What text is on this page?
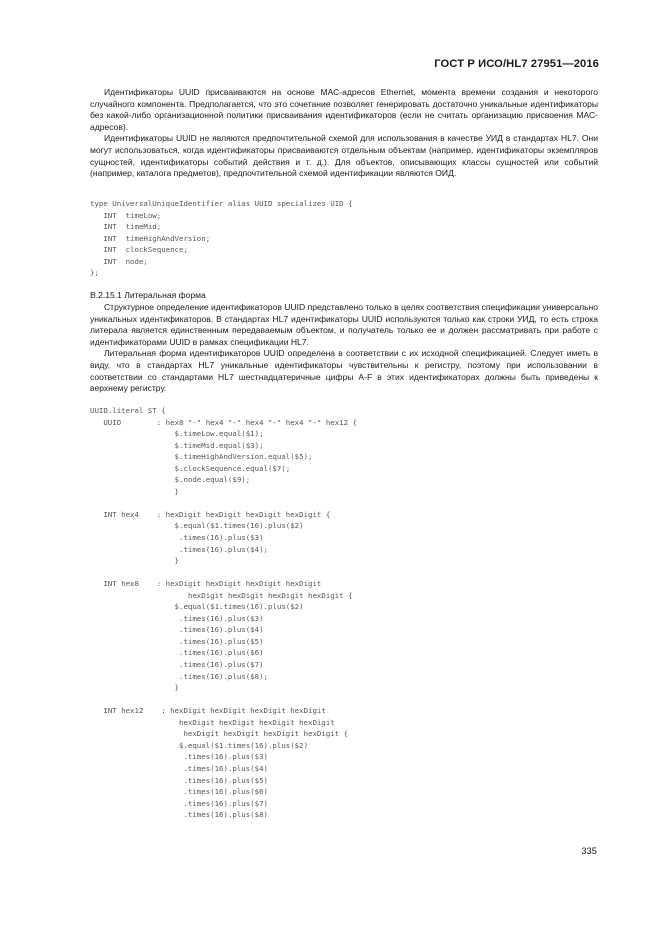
ГОСТ Р ИСО/HL7 27951—2016

Идентификаторы UUID присваиваются на основе МАС-адресов Ethernet, момента времени создания и некоторого случайного компонента. Предполагается, что это сочетание позволяет генерировать достаточно уникальные идентификаторы без какой-либо организационной политики присваивания идентификаторов (если не считать организацию присвоения МАС-адресов).

Идентификаторы UUID не являются предпочтительной схемой для использования в качестве УИД в стандартах HL7. Они могут использоваться, когда идентификаторы присваиваются отдельным объектам (например, идентификаторы экземпляров сущностей, идентификаторы событий действия и т. д.). Для объектов, описывающих классы сущностей или событий (например, каталога предметов), предпочтительной схемой идентификации являются ОИД.

type UniversalUniqueIdentifier alias UUID specializes UID {
INT  timeLow;
INT  timeMid;
INT  timeHighAndVersion;
INT  clockSequence;
INT  node;
};
B.2.15.1 Литеральная форма

Структурное определение идентификаторов UUID представлено только в целях соответствия спецификации универсально уникальных идентификаторов. В стандартах HL7 идентификаторы UUID используются только как строки УИД, то есть строка литерала является единственным передаваемым объектом, и получатель только ее и должен рассматривать при работе с идентификаторами UUID в рамках спецификации HL7.

Литеральная форма идентификаторов UUID определена в соответствии с их исходной спецификацией. Следует иметь в виду, что в стандартах HL7 уникальные идентификаторы чувствительны к регистру, поэтому при использовании в соответствии со стандартами HL7 шестнадцатеричные цифры A-F в этих идентификаторах должны быть приведены к верхнему регистру.

UUID.literal ST {
UUID        : hex8 "-" hex4 "-" hex4 "-" hex4 "-" hex12 {
$.timeLow.equal($1);
$.timeMid.equal($3);
$.timeHighAndVersion.equal($5);
$.clockSequence.equal($7);
$.node.equal($9);
}
INT hex4    : hexDigit hexDigit hexDigit hexDigit {
$.equal($1.times(16).plus($2)
.times(16).plus($3)
.times(16).plus($4);
}
INT hex8    : hexDigit hexDigit hexDigit hexDigit
hexDigit hexDigit hexDigit hexDigit {
$.equal($1.times(16).plus($2)
.times(16).plus($3)
.times(16).plus($4)
.times(16).plus($5)
.times(16).plus($6)
.times(16).plus($7)
.times(16).plus($8);
}
INT hex12    : hexDigit hexDigit hexDigit hexDigit
hexDigit hexDigit hexDigit hexDigit
hexDigit hexDigit hexDigit hexDigit {
$.equal($1.times(16).plus($2)
.times(16).plus($3)
.times(16).plus($4)
.times(16).plus($5)
.times(16).plus($6)
.times(16).plus($7)
.times(16).plus($8)
335
